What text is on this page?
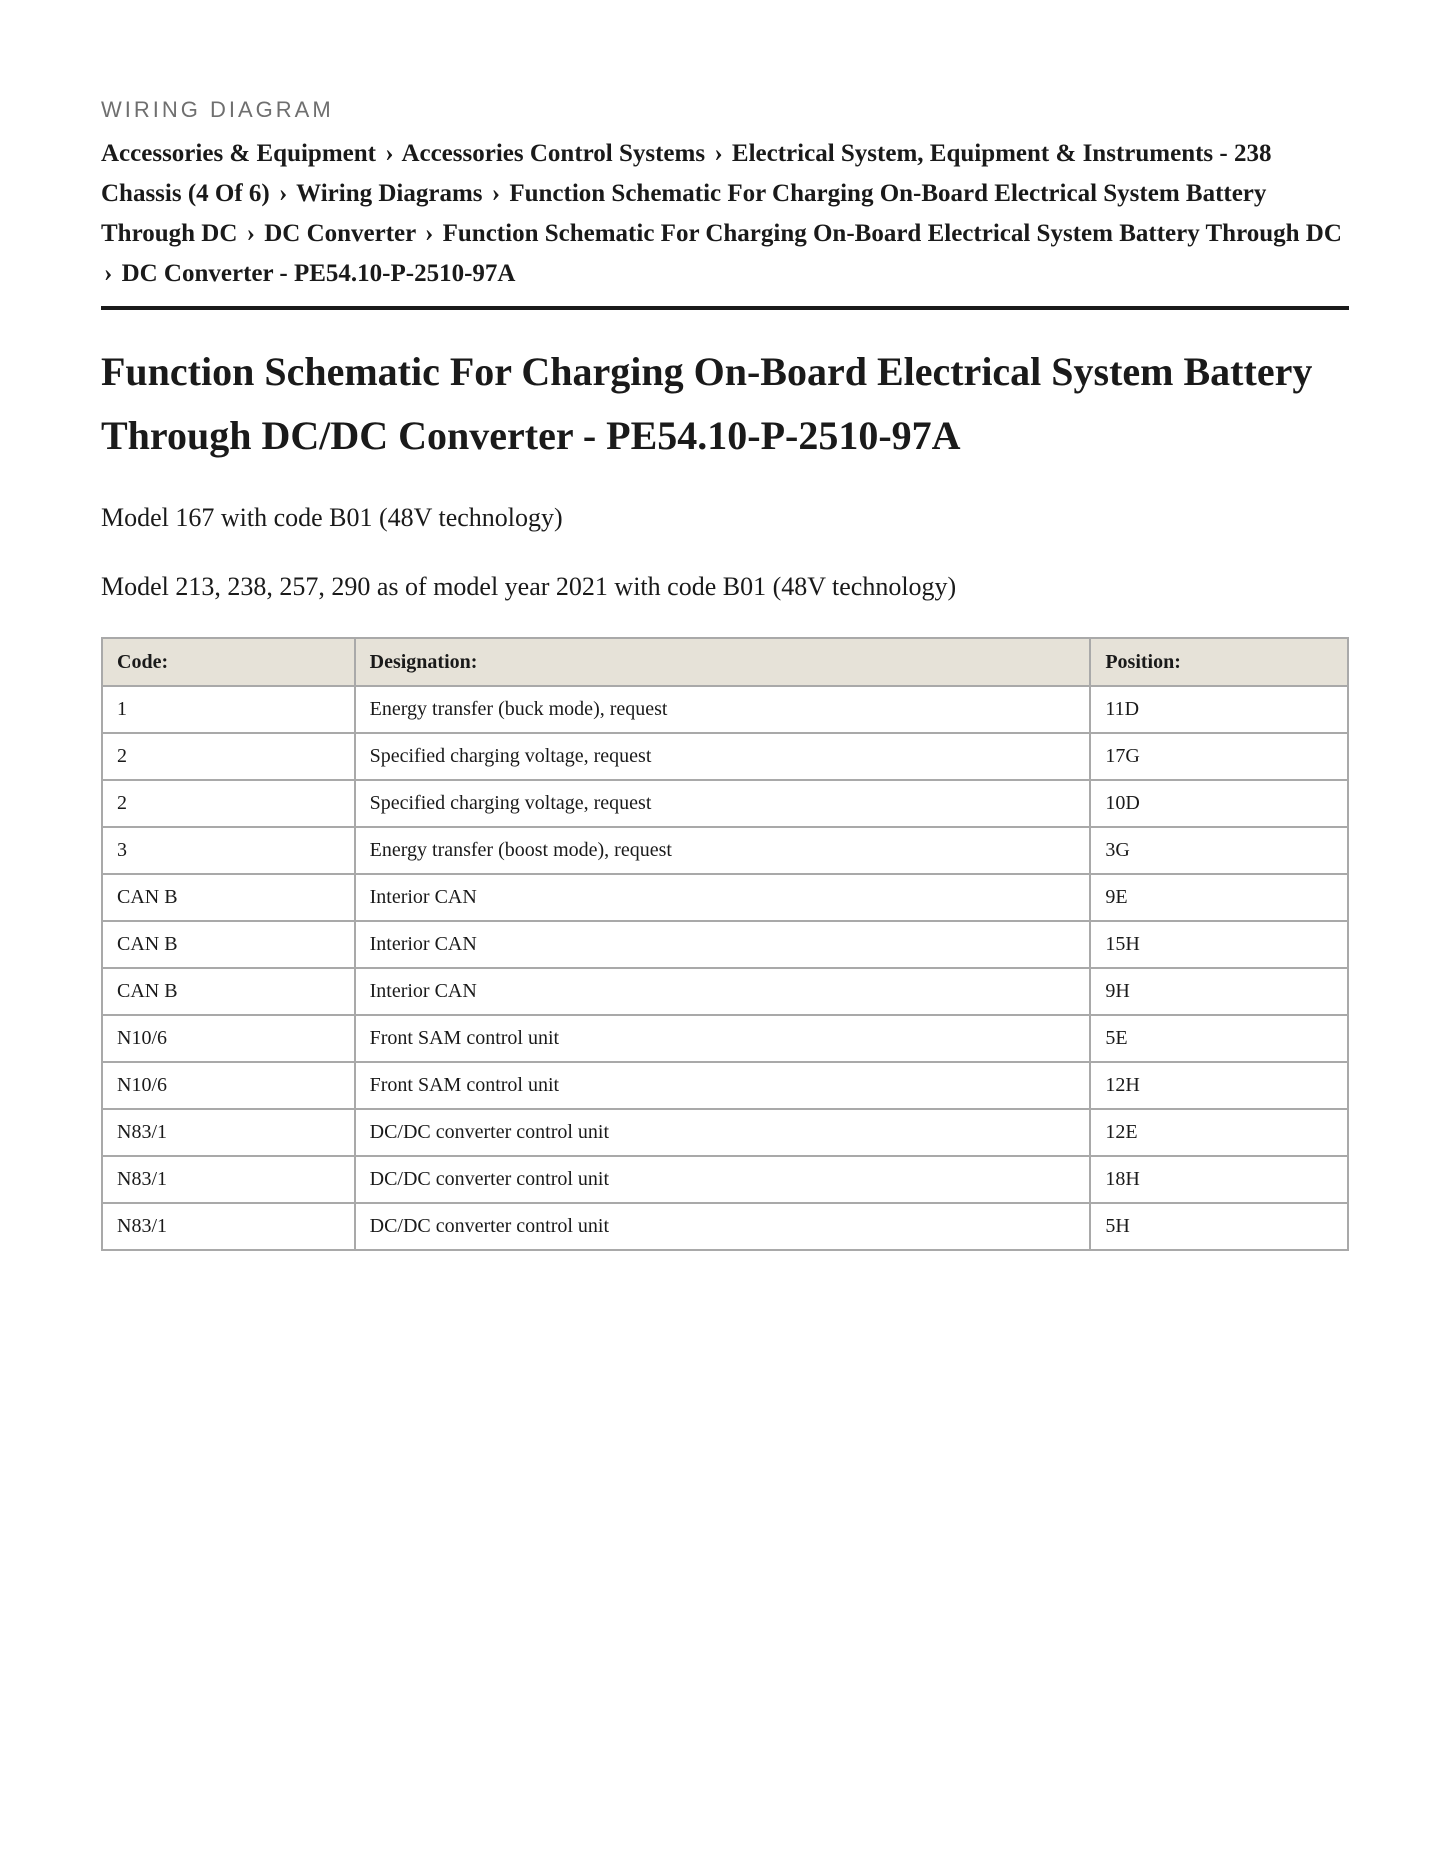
WIRING DIAGRAM

Accessories & Equipment › Accessories Control Systems › Electrical System, Equipment & Instruments - 238 Chassis (4 Of 6) › Wiring Diagrams › Function Schematic For Charging On-Board Electrical System Battery Through DC › DC Converter › Function Schematic For Charging On-Board Electrical System Battery Through DC › DC Converter - PE54.10-P-2510-97A
Function Schematic For Charging On-Board Electrical System Battery Through DC/DC Converter - PE54.10-P-2510-97A

Model 167 with code B01 (48V technology)

Model 213, 238, 257, 290 as of model year 2021 with code B01 (48V technology)

Code:	Designation:	Position:
1	Energy transfer (buck mode), request	11D
2	Specified charging voltage, request	17G
2	Specified charging voltage, request	10D
3	Energy transfer (boost mode), request	3G
CAN B	Interior CAN	9E
CAN B	Interior CAN	15H
CAN B	Interior CAN	9H
N10/6	Front SAM control unit	5E
N10/6	Front SAM control unit	12H
N83/1	DC/DC converter control unit	12E
N83/1	DC/DC converter control unit	18H
N83/1	DC/DC converter control unit	5H
